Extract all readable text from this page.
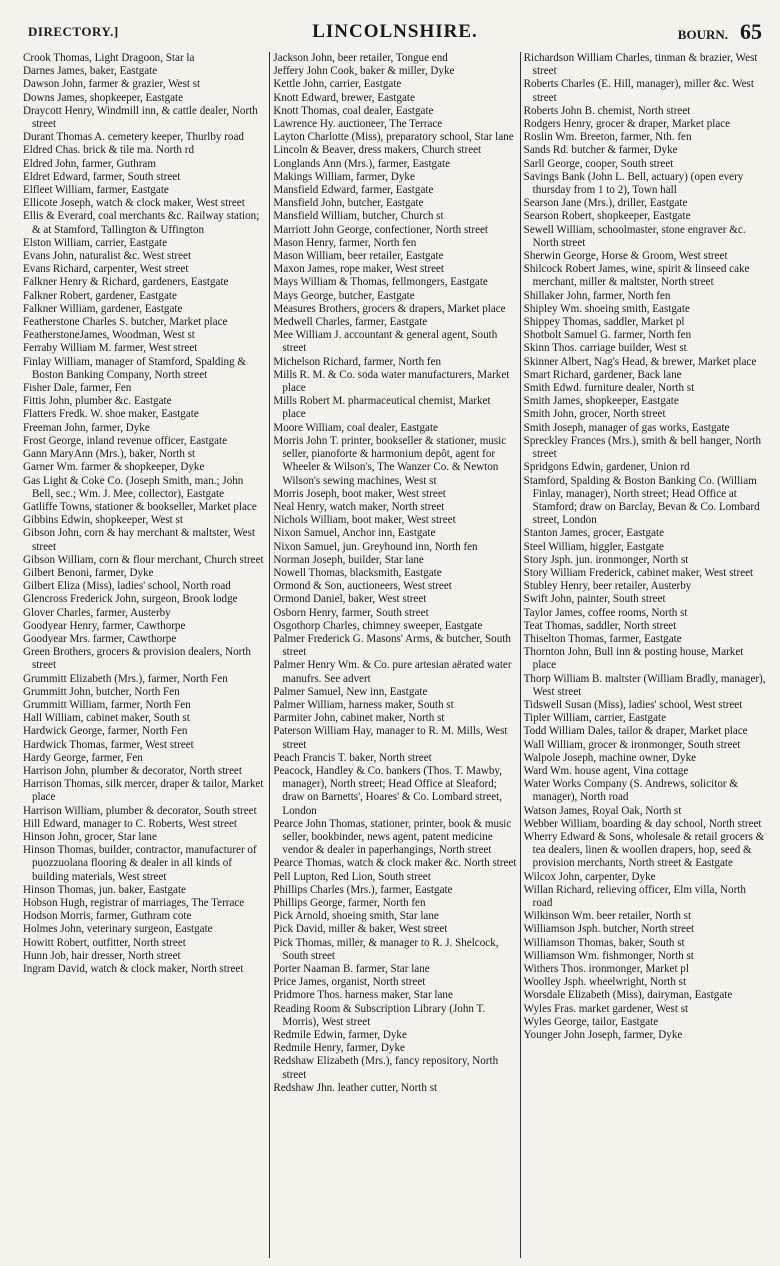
DIRECTORY.]	LINCOLNSHIRE.	BOURN. 65

Crook Thomas, Light Dragoon, Star la

Darnes James, baker, Eastgate

Dawson John, farmer & grazier, West st

Downs James, shopkeeper, Eastgate

Draycott Henry, Windmill inn, & cattle dealer, North street

Durant Thomas A. cemetery keeper, Thurlby road

Eldred Chas. brick & tile ma. North rd

Eldred John, farmer, Guthram

Eldret Edward, farmer, South street

Elfleet William, farmer, Eastgate

Ellicote Joseph, watch & clock maker, West street

Ellis & Everard, coal merchants &c. Railway station; & at Stamford, Tallington & Uffington

Elston William, carrier, Eastgate

Evans John, naturalist &c. West street

Evans Richard, carpenter, West street

Falkner Henry & Richard, gardeners, Eastgate

Falkner Robert, gardener, Eastgate

Falkner William, gardener, Eastgate

Featherstone Charles S. butcher, Market place

FeatherstoneJames, Woodman, West st

Ferraby William M. farmer, West street

Finlay William, manager of Stamford, Spalding & Boston Banking Company, North street

Fisher Dale, farmer, Fen

Fittis John, plumber &c. Eastgate

Flatters Fredk. W. shoe maker, Eastgate

Freeman John, farmer, Dyke

Frost George, inland revenue officer, Eastgate

Gann MaryAnn (Mrs.), baker, North st

Garner Wm. farmer & shopkeeper, Dyke

Gas Light & Coke Co. (Joseph Smith, man.; John Bell, sec.; Wm. J. Mee, collector), Eastgate

Gatliffe Towns, stationer & bookseller, Market place

Gibbins Edwin, shopkeeper, West st

Gibson John, corn & hay merchant & maltster, West street

Gibson William, corn & flour merchant, Church street

Gilbert Benoni, farmer, Dyke

Gilbert Eliza (Miss), ladies' school, North road

Glencross Frederick John, surgeon, Brook lodge

Glover Charles, farmer, Austerby

Goodyear Henry, farmer, Cawthorpe

Goodyear Mrs. farmer, Cawthorpe

Green Brothers, grocers & provision dealers, North street

Grummitt Elizabeth (Mrs.), farmer, North Fen

Grummitt John, butcher, North Fen

Grummitt William, farmer, North Fen

Hall William, cabinet maker, South st

Hardwick George, farmer, North Fen

Hardwick Thomas, farmer, West street

Hardy George, farmer, Fen

Harrison John, plumber & decorator, North street

Harrison Thomas, silk mercer, draper & tailor, Market place

Harrison William, plumber & decorator, South street

Hill Edward, manager to C. Roberts, West street

Hinson John, grocer, Star lane

Hinson Thomas, builder, contractor, manufacturer of puozzuolana flooring & dealer in all kinds of building materials, West street

Hinson Thomas, jun. baker, Eastgate

Hobson Hugh, registrar of marriages, The Terrace

Hodson Morris, farmer, Guthram cote

Holmes John, veterinary surgeon, Eastgate

Howitt Robert, outfitter, North street

Hunn Job, hair dresser, North street

Ingram David, watch & clock maker, North street

Jackson John, beer retailer, Tongue end

Jeffery John Cook, baker & miller, Dyke

Kettle John, carrier, Eastgate

Knott Edward, brewer, Eastgate

Knott Thomas, coal dealer, Eastgate

Lawrence Hy. auctioneer, The Terrace

Layton Charlotte (Miss), preparatory school, Star lane

Lincoln & Beaver, dress makers, Church street

Longlands Ann (Mrs.), farmer, Eastgate

Makings William, farmer, Dyke

Mansfield Edward, farmer, Eastgate

Mansfield John, butcher, Eastgate

Mansfield William, butcher, Church st

Marriott John George, confectioner, North street

Mason Henry, farmer, North fen

Mason William, beer retailer, Eastgate

Maxon James, rope maker, West street

Mays William & Thomas, fellmongers, Eastgate

Mays George, butcher, Eastgate

Measures Brothers, grocers & drapers, Market place

Medwell Charles, farmer, Eastgate

Mee William J. accountant & general agent, South street

Michelson Richard, farmer, North fen

Mills R. M. & Co. soda water manufacturers, Market place

Mills Robert M. pharmaceutical chemist, Market place

Moore William, coal dealer, Eastgate

Morris John T. printer, bookseller & stationer, music seller, pianoforte & harmonium depôt, agent for Wheeler & Wilson's, The Wanzer Co. & Newton Wilson's sewing machines, West st

Morris Joseph, boot maker, West street

Neal Henry, watch maker, North street

Nichols William, boot maker, West street

Nixon Samuel, Anchor inn, Eastgate

Nixon Samuel, jun. Greyhound inn, North fen

Norman Joseph, builder, Star lane

Nowell Thomas, blacksmith, Eastgate

Ormond & Son, auctioneers, West street

Ormond Daniel, baker, West street

Osborn Henry, farmer, South street

Osgothorp Charles, chimney sweeper, Eastgate

Palmer Frederick G. Masons' Arms, & butcher, South street

Palmer Henry Wm. & Co. pure artesian aërated water manufrs. See advert

Palmer Samuel, New inn, Eastgate

Palmer William, harness maker, South st

Parmiter John, cabinet maker, North st

Paterson William Hay, manager to R. M. Mills, West street

Peach Francis T. baker, North street

Peacock, Handley & Co. bankers (Thos. T. Mawby, manager), North street; Head Office at Sleaford; draw on Barnetts', Hoares' & Co. Lombard street, London

Pearce John Thomas, stationer, printer, book & music seller, bookbinder, news agent, patent medicine vendor & dealer in paperhangings, North street

Pearce Thomas, watch & clock maker &c. North street

Pell Lupton, Red Lion, South street

Phillips Charles (Mrs.), farmer, Eastgate

Phillips George, farmer, North fen

Pick Arnold, shoeing smith, Star lane

Pick David, miller & baker, West street

Pick Thomas, miller, & manager to R. J. Shelcock, South street

Porter Naaman B. farmer, Star lane

Price James, organist, North street

Pridmore Thos. harness maker, Star lane

Reading Room & Subscription Library (John T. Morris), West street

Redmile Edwin, farmer, Dyke

Redmile Henry, farmer, Dyke

Redshaw Elizabeth (Mrs.), fancy repository, North street

Redshaw Jhn. leather cutter, North st

Richardson William Charles, tinman & brazier, West street

Roberts Charles (E. Hill, manager), miller &c. West street

Roberts John B. chemist, North street

Rodgers Henry, grocer & draper, Market place

Roslin Wm. Breeton, farmer, Nth. fen

Sands Rd. butcher & farmer, Dyke

Sarll George, cooper, South street

Savings Bank (John L. Bell, actuary) (open every thursday from 1 to 2), Town hall

Searson Jane (Mrs.), driller, Eastgate

Searson Robert, shopkeeper, Eastgate

Sewell William, schoolmaster, stone engraver &c. North street

Sherwin George, Horse & Groom, West street

Shilcock Robert James, wine, spirit & linseed cake merchant, miller & maltster, North street

Shillaker John, farmer, North fen

Shipley Wm. shoeing smith, Eastgate

Shippey Thomas, saddler, Market pl

Shotbolt Samuel G. farmer, North fen

Skinn Thos. carriage builder, West st

Skinner Albert, Nag's Head, & brewer, Market place

Smart Richard, gardener, Back lane

Smith Edwd. furniture dealer, North st

Smith James, shopkeeper, Eastgate

Smith John, grocer, North street

Smith Joseph, manager of gas works, Eastgate

Spreckley Frances (Mrs.), smith & bell hanger, North street

Spridgons Edwin, gardener, Union rd

Stamford, Spalding & Boston Banking Co. (William Finlay, manager), North street; Head Office at Stamford; draw on Barclay, Bevan & Co. Lombard street, London

Stanton James, grocer, Eastgate

Steel William, higgler, Eastgate

Story Jsph. jun. ironmonger, North st

Story William Frederick, cabinet maker, West street

Stubley Henry, beer retailer, Austerby

Swift John, painter, South street

Taylor James, coffee rooms, North st

Teat Thomas, saddler, North street

Thiselton Thomas, farmer, Eastgate

Thornton John, Bull inn & posting house, Market place

Thorp William B. maltster (William Bradly, manager), West street

Tidswell Susan (Miss), ladies' school, West street

Tipler William, carrier, Eastgate

Todd William Dales, tailor & draper, Market place

Wall William, grocer & ironmonger, South street

Walpole Joseph, machine owner, Dyke

Ward Wm. house agent, Vina cottage

Water Works Company (S. Andrews, solicitor & manager), North road

Watson James, Royal Oak, North st

Webber William, boarding & day school, North street

Wherry Edward & Sons, wholesale & retail grocers & tea dealers, linen & woollen drapers, hop, seed & provision merchants, North street & Eastgate

Wilcox John, carpenter, Dyke

Willan Richard, relieving officer, Elm villa, North road

Wilkinson Wm. beer retailer, North st

Williamson Jsph. butcher, North street

Williamson Thomas, baker, South st

Williamson Wm. fishmonger, North st

Withers Thos. ironmonger, Market pl

Woolley Jsph. wheelwright, North st

Worsdale Elizabeth (Miss), dairyman, Eastgate

Wyles Fras. market gardener, West st

Wyles George, tailor, Eastgate

Younger John Joseph, farmer, Dyke
